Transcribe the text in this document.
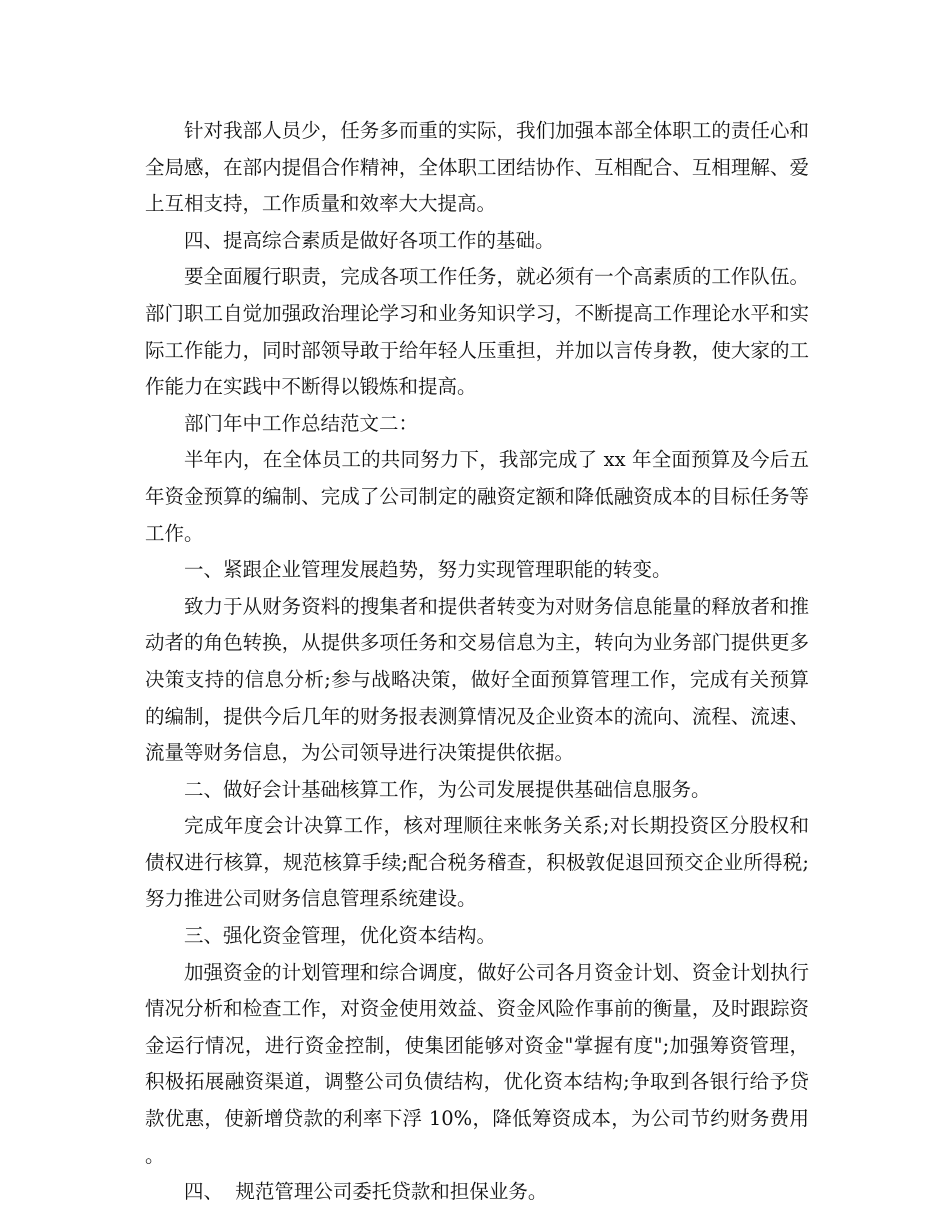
针对我部人员少，任务多而重的实际，我们加强本部全体职工的责任心和全局感，在部内提倡合作精神，全体职工团结协作、互相配合、互相理解、爱上互相支持，工作质量和效率大大提高。

四、提高综合素质是做好各项工作的基础。

要全面履行职责，完成各项工作任务，就必须有一个高素质的工作队伍。部门职工自觉加强政治理论学习和业务知识学习，不断提高工作理论水平和实际工作能力，同时部领导敢于给年轻人压重担，并加以言传身教，使大家的工作能力在实践中不断得以锻炼和提高。

部门年中工作总结范文二：

半年内，在全体员工的共同努力下，我部完成了 xx 年全面预算及今后五年资金预算的编制、完成了公司制定的融资定额和降低融资成本的目标任务等工作。

一、紧跟企业管理发展趋势，努力实现管理职能的转变。

致力于从财务资料的搜集者和提供者转变为对财务信息能量的释放者和推动者的角色转换，从提供多项任务和交易信息为主，转向为业务部门提供更多决策支持的信息分析;参与战略决策，做好全面预算管理工作，完成有关预算的编制，提供今后几年的财务报表测算情况及企业资本的流向、流程、流速、流量等财务信息，为公司领导进行决策提供依据。

二、做好会计基础核算工作，为公司发展提供基础信息服务。

完成年度会计决算工作，核对理顺往来帐务关系;对长期投资区分股权和债权进行核算，规范核算手续;配合税务稽查，积极敦促退回预交企业所得税;努力推进公司财务信息管理系统建设。

三、强化资金管理，优化资本结构。

加强资金的计划管理和综合调度，做好公司各月资金计划、资金计划执行情况分析和检查工作，对资金使用效益、资金风险作事前的衡量，及时跟踪资金运行情况，进行资金控制，使集团能够对资金"掌握有度";加强筹资管理，积极拓展融资渠道，调整公司负债结构，优化资本结构;争取到各银行给予贷款优惠，使新增贷款的利率下浮 10%，降低筹资成本，为公司节约财务费用。

四、  规范管理公司委托贷款和担保业务。
